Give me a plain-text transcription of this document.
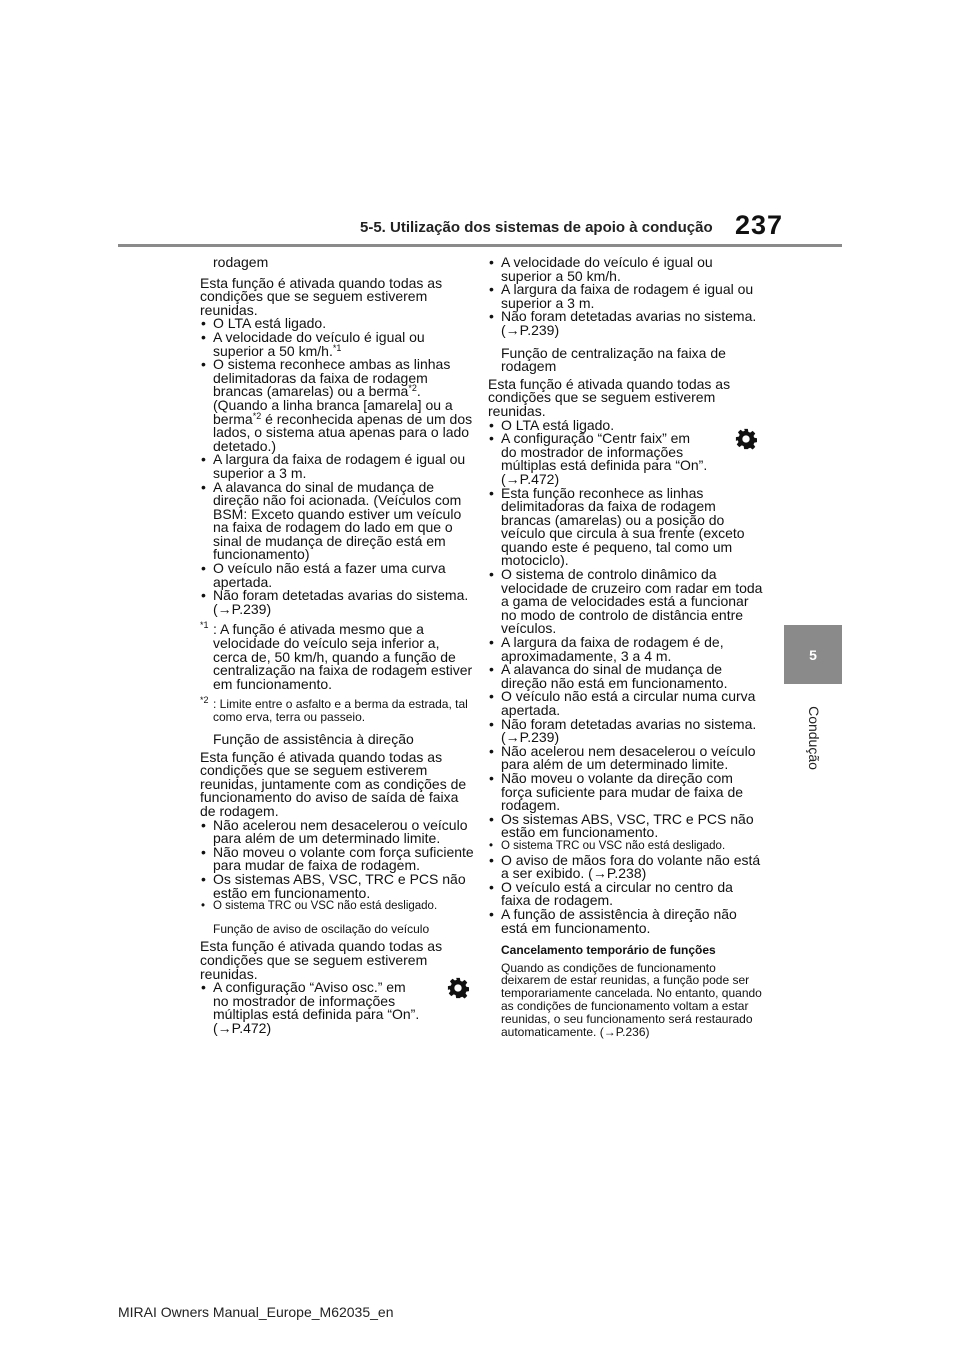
5-5. Utilização dos sistemas de apoio à condução 237
5
Condução

rodagem

Esta função é ativada quando todas as condições que se seguem estiverem reunidas.

• O LTA está ligado.
• A velocidade do veículo é igual ou superior a 50 km/h.$^{*1}$
• O sistema reconhece ambas as linhas delimitadoras da faixa de rodagem brancas (amarelas) ou a berma$^{*2}$. (Quando a linha branca [amarela] ou a berma$^{*2}$ é reconhecida apenas de um dos lados, o sistema atua apenas para o lado detetado.)
• A largura da faixa de rodagem é igual ou superior a 3 m.
• A alavanca do sinal de mudança de direção não foi acionada. (Veículos com BSM: Exceto quando estiver um veículo na faixa de rodagem do lado em que o sinal de mudança de direção está em funcionamento)
• O veículo não está a fazer uma curva apertada.
• Não foram detetadas avarias do sistema. (→P.239)

*1 : A função é ativada mesmo que a velocidade do veículo seja inferior a, cerca de, 50 km/h, quando a função de centralização na faixa de rodagem estiver em funcionamento.

*2 : Limite entre o asfalto e a berma da estrada, tal como erva, terra ou passeio.

Função de assistência à direção

Esta função é ativada quando todas as condições que se seguem estiverem reunidas, juntamente com as condições de funcionamento do aviso de saída de faixa de rodagem.

• Não acelerou nem desacelerou o veículo para além de um determinado limite.
• Não moveu o volante com força suficiente para mudar de faixa de rodagem.
• Os sistemas ABS, VSC, TRC e PCS não estão em funcionamento.
• O sistema TRC ou VSC não está desligado.

Função de aviso de oscilação do veículo

Esta função é ativada quando todas as condições que se seguem estiverem reunidas.

• A configuração “Aviso osc.” em

no mostrador de informações múltiplas está definida para “On”. (→P.472)
• A velocidade do veículo é igual ou superior a 50 km/h.
• A largura da faixa de rodagem é igual ou superior a 3 m.
• Não foram detetadas avarias no sistema. (→P.239)

Função de centralização na faixa de rodagem

Esta função é ativada quando todas as condições que se seguem estiverem reunidas.

• O LTA está ligado.
• A configuração “Centr faix” em

do mostrador de informações múltiplas está definida para “On”. (→P.472)
• Esta função reconhece as linhas delimitadoras da faixa de rodagem brancas (amarelas) ou a posição do veículo que circula à sua frente (exceto quando este é pequeno, tal como um motociclo).
• O sistema de controlo dinâmico da velocidade de cruzeiro com radar em toda a gama de velocidades está a funcionar no modo de controlo de distância entre veículos.
• A largura da faixa de rodagem é de, aproximadamente, 3 a 4 m.
• A alavanca do sinal de mudança de direção não está em funcionamento.
• O veículo não está a circular numa curva apertada.
• Não foram detetadas avarias no sistema. (→P.239)
• Não acelerou nem desacelerou o veículo para além de um determinado limite.
• Não moveu o volante da direção com força suficiente para mudar de faixa de rodagem.
• Os sistemas ABS, VSC, TRC e PCS não estão em funcionamento.
• O sistema TRC ou VSC não está desligado.
• O aviso de mãos fora do volante não está a ser exibido. (→P.238)
• O veículo está a circular no centro da faixa de rodagem.
• A função de assistência à direção não está em funcionamento.

Cancelamento temporário de funções

Quando as condições de funcionamento deixarem de estar reunidas, a função pode ser temporariamente cancelada. No entanto, quando as condições de funcionamento voltam a estar reunidas, o seu funcionamento será restaurado automaticamente. (→P.236)

MIRAI Owners Manual_Europe_M62035_en
